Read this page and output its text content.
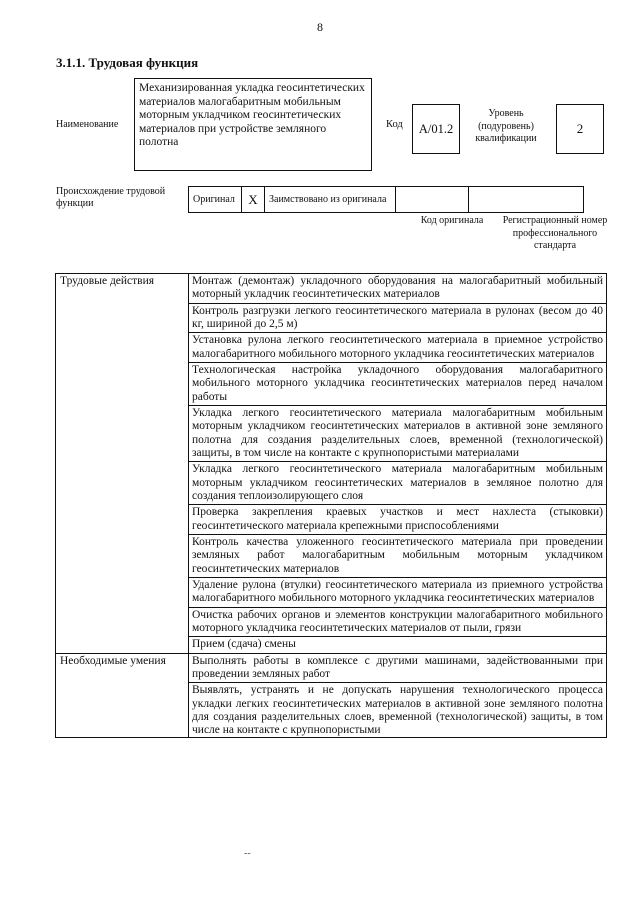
8
3.1.1. Трудовая функция
Наименование
Механизированная укладка геосинтетических материалов малогабаритным мобильным моторным укладчиком геосинтетических материалов при устройстве земляного полотна
Код	A/01.2
Уровень (подуровень) квалификации
2
Происхождение трудовой функции	Оригинал	X	Заимствовано из оригинала		
Код оригинала	Регистрационный номер профессионального стандарта
Трудовые действия	Монтаж (демонтаж) укладочного оборудования на малогабаритный мобильный моторный укладчик геосинтетических материалов
	Контроль разгрузки легкого геосинтетического материала в рулонах (весом до 40 кг, шириной до 2,5 м)
	Установка рулона легкого геосинтетического материала в приемное устройство малогабаритного мобильного моторного укладчика геосинтетических материалов
	Технологическая настройка укладочного оборудования малогабаритного мобильного моторного укладчика геосинтетических материалов перед началом работы
	Укладка легкого геосинтетического материала малогабаритным мобильным моторным укладчиком геосинтетических материалов в активной зоне земляного полотна для создания разделительных слоев, временной (технологической) защиты, в том числе на контакте с крупнопористыми материалами
	Укладка легкого геосинтетического материала малогабаритным мобильным моторным укладчиком геосинтетических материалов в земляное полотно для создания теплоизолирующего слоя
	Проверка закрепления краевых участков и мест нахлеста (стыковки) геосинтетического материала крепежными приспособлениями
	Контроль качества уложенного геосинтетического материала при проведении земляных работ малогабаритным мобильным моторным укладчиком геосинтетических материалов
	Удаление рулона (втулки) геосинтетического материала из приемного устройства малогабаритного мобильного моторного укладчика геосинтетических материалов
	Очистка рабочих органов и элементов конструкции малогабаритного мобильного моторного укладчика геосинтетических материалов от пыли, грязи
	Прием (сдача) смены
Необходимые умения	Выполнять работы в комплексе с другими машинами, задействованными при проведении земляных работ

	Выявлять, устранять и не допускать нарушения технологического процесса укладки легких геосинтетических материалов в активной зоне земляного полотна для создания разделительных слоев, временной (технологической) защиты, в том числе на контакте с крупнопористыми
--
